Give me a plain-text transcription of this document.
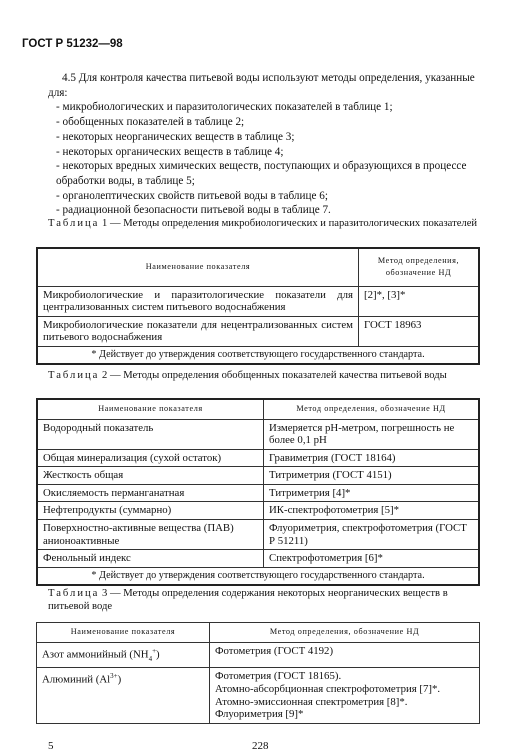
ГОСТ Р 51232—98

4.5 Для контроля качества питьевой воды используют методы определения, указанные для:

- микробиологических и паразитологических показателей в таблице 1;
- обобщенных показателей в таблице 2;
- некоторых неорганических веществ в таблице 3;
- некоторых органических веществ в таблице 4;
- некоторых вредных химических веществ, поступающих и образующихся в процессе обработки воды, в таблице 5;
- органолептических свойств питьевой воды в таблице 6;
- радиационной безопасности питьевой воды в таблице 7.
Таблица 1 — Методы определения микробиологических и паразитологических показателей
Наименование показателя	Метод определения, обозначение НД
Микробиологические и паразитологические показатели для централизованных систем питьевого водоснабжения	[2]*, [3]*
Микробиологические показатели для нецентрализованных систем питьевого водоснабжения	ГОСТ 18963
* Действует до утверждения соответствующего государственного стандарта.	
Таблица 2 — Методы определения обобщенных показателей качества питьевой воды
Наименование показателя	Метод определения, обозначение НД
Водородный показатель	Измеряется рН-метром, погрешность не более 0,1 рН
Общая минерализация (сухой остаток)	Гравиметрия (ГОСТ 18164)
Жесткость общая	Титриметрия (ГОСТ 4151)
Окисляемость перманганатная	Титриметрия [4]*
Нефтепродукты (суммарно)	ИК-спектрофотометрия [5]*
Поверхностно-активные вещества (ПАВ) анионоактивные	Флуориметрия, спектрофотометрия (ГОСТ Р 51211)
Фенольный индекс	Спектрофотометрия [6]*
* Действует до утверждения соответствующего государственного стандарта.	
Таблица 3 — Методы определения содержания некоторых неорганических веществ в питьевой воде
Наименование показателя	Метод определения, обозначение НД
Азот аммонийный $(NH_4^+)$	Фотометрия (ГОСТ 4192)
Алюминий $(Al^{3+})$	Фотометрия (ГОСТ 18165).
Атомно-абсорбционная спектрофотометрия [7]*.
Атомно-эмиссионная спектрометрия [8]*.
Флуориметрия [9]*
5	228
